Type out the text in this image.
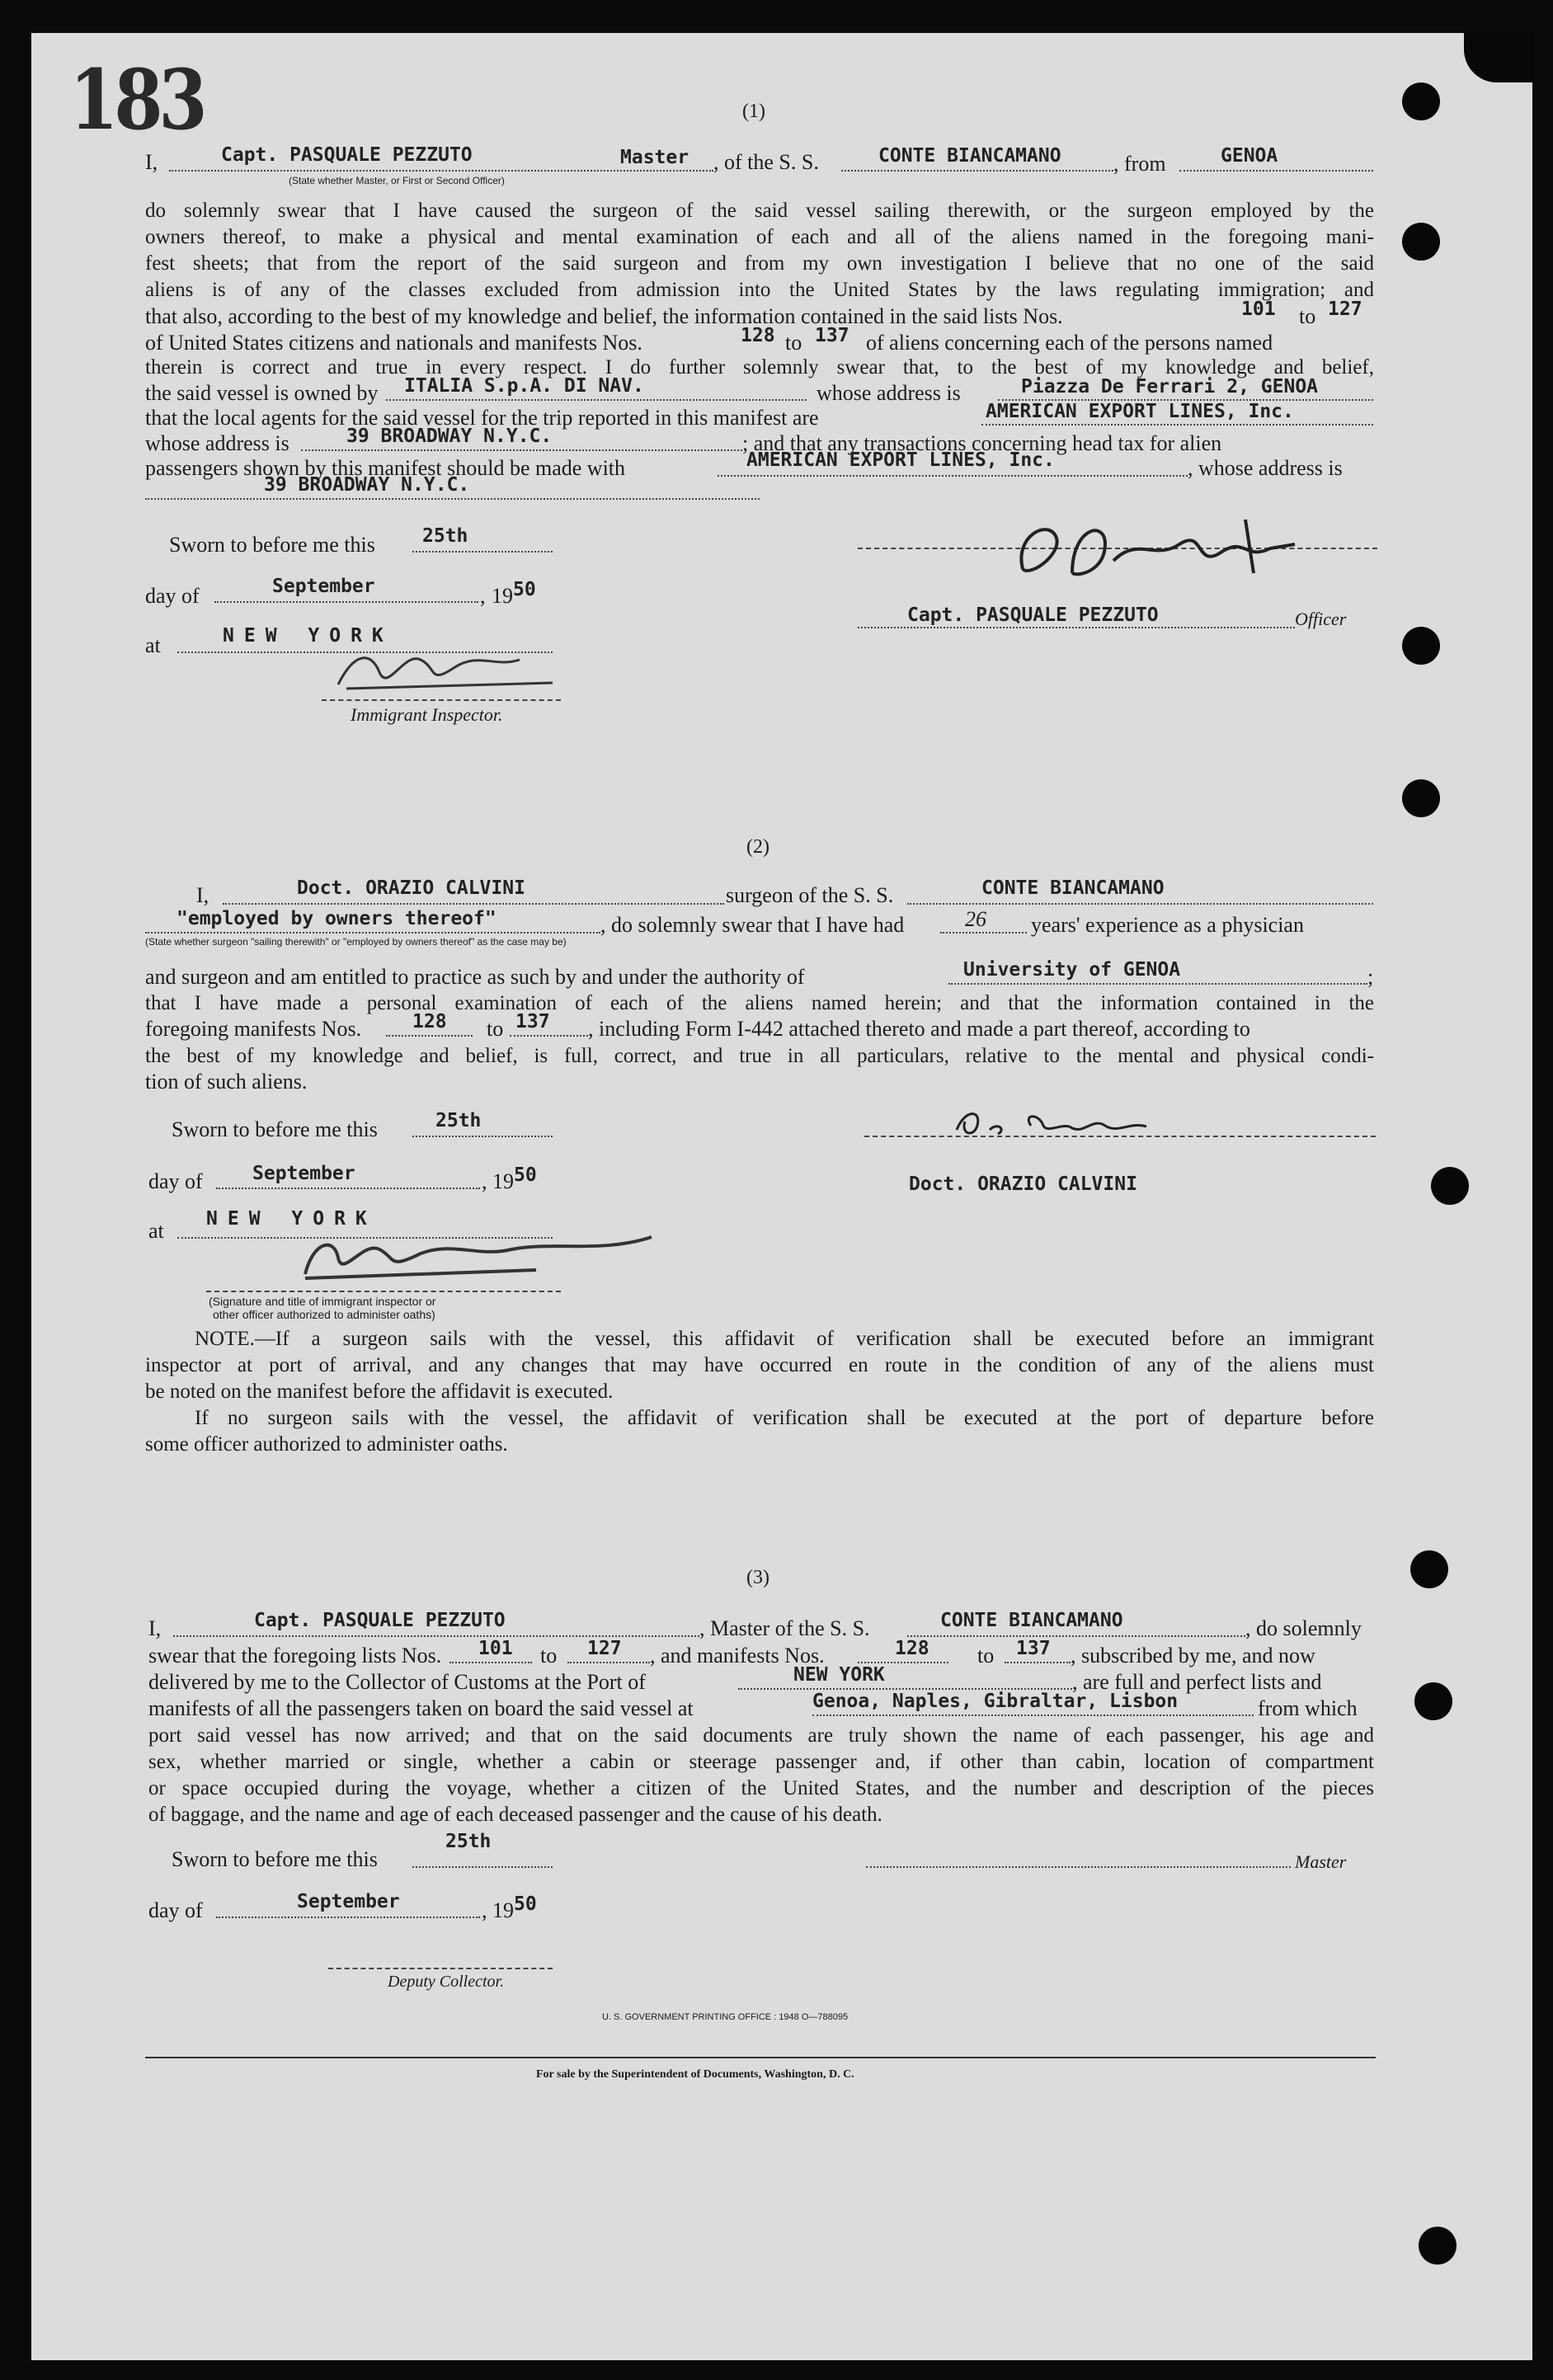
183	(1)
I,	Capt. PASQUALE PEZZUTO	Master
(State whether Master, or First or Second Officer)
, of the S. S.	CONTE BIANCAMANO , from	GENOA
do solemnly swear that I have caused the surgeon of the said vessel sailing therewith, or the surgeon employed by the
owners thereof, to make a physical and mental examination of each and all of the aliens named in the foregoing mani-
fest sheets; that from the report of the said surgeon and from my own investigation I believe that no one of the said
aliens is of any of the classes excluded from admission into the United States by the laws regulating immigration; and
that also, according to the best of my knowledge and belief, the information contained in the said lists Nos.	101 to 127
of United States citizens and nationals and manifests Nos.	128 to 137 of aliens concerning each of the persons named
therein is correct and true in every respect. I do further solemnly swear that, to the best of my knowledge and belief,
the said vessel is owned by ITALIA S.p.A. DI NAV.	whose address is	Piazza De Ferrari 2, GENOA
that the local agents for the said vessel for the trip reported in this manifest are	AMERICAN EXPORT LINES, Inc.
whose address is	39 BROADWAY N.Y.C.	; and that any transactions concerning head tax for alien
passengers shown by this manifest should be made with	AMERICAN EXPORT LINES, Inc.	, whose address is
39 BROADWAY N.Y.C.
Sworn to before me this 25th
day of	September	, 19 50
at	NEW YORK
Immigrant Inspector.
Capt. PASQUALE PEZZUTO	Officer
(2)
I,	Doct. ORAZIO CALVINI	surgeon of the S. S.	CONTE BIANCAMANO
"employed by owners thereof"
(State whether surgeon "sailing therewith" or "employed by owners thereof" as the case may be)
, do solemnly swear that I have had	26 years' experience as a physician
and surgeon and am entitled to practice as such by and under the authority of	University of GENOA	;
that I have made a personal examination of each of the aliens named herein; and that the information contained in the
foregoing manifests Nos.	128 to 137 , including Form I-442 attached thereto and made a part thereof, according to
the best of my knowledge and belief, is full, correct, and true in all particulars, relative to the mental and physical condi-
tion of such aliens.
Sworn to before me this	25th
day of	September	, 19 50
at NEW YORK
(Signature and title of immigrant inspector or
other officer authorized to administer oaths)
Doct. ORAZIO CALVINI
NOTE.—If a surgeon sails with the vessel, this affidavit of verification shall be executed before an immigrant
inspector at port of arrival, and any changes that may have occurred en route in the condition of any of the aliens must
be noted on the manifest before the affidavit is executed.
If no surgeon sails with the vessel, the affidavit of verification shall be executed at the port of departure before
some officer authorized to administer oaths.
(3)
I,	Capt. PASQUALE PEZZUTO	, Master of the S. S.	CONTE BIANCAMANO	, do solemnly
swear that the foregoing lists Nos. 101 to 127 , and manifests Nos.	128 to 137 , subscribed by me, and now
delivered by me to the Collector of Customs at the Port of	NEW YORK	, are full and perfect lists and
manifests of all the passengers taken on board the said vessel at	Genoa, Naples, Gibraltar, Lisbon	from which
port said vessel has now arrived; and that on the said documents are truly shown the name of each passenger, his age and
sex, whether married or single, whether a cabin or steerage passenger and, if other than cabin, location of compartment
or space occupied during the voyage, whether a citizen of the United States, and the number and description of the pieces
of baggage, and the name and age of each deceased passenger and the cause of his death.
Sworn to before me this
25th
day of	September	, 19 50
Deputy Collector.
Master
U. S. GOVERNMENT PRINTING OFFICE : 1948 O—788095
For sale by the Superintendent of Documents, Washington, D. C.
